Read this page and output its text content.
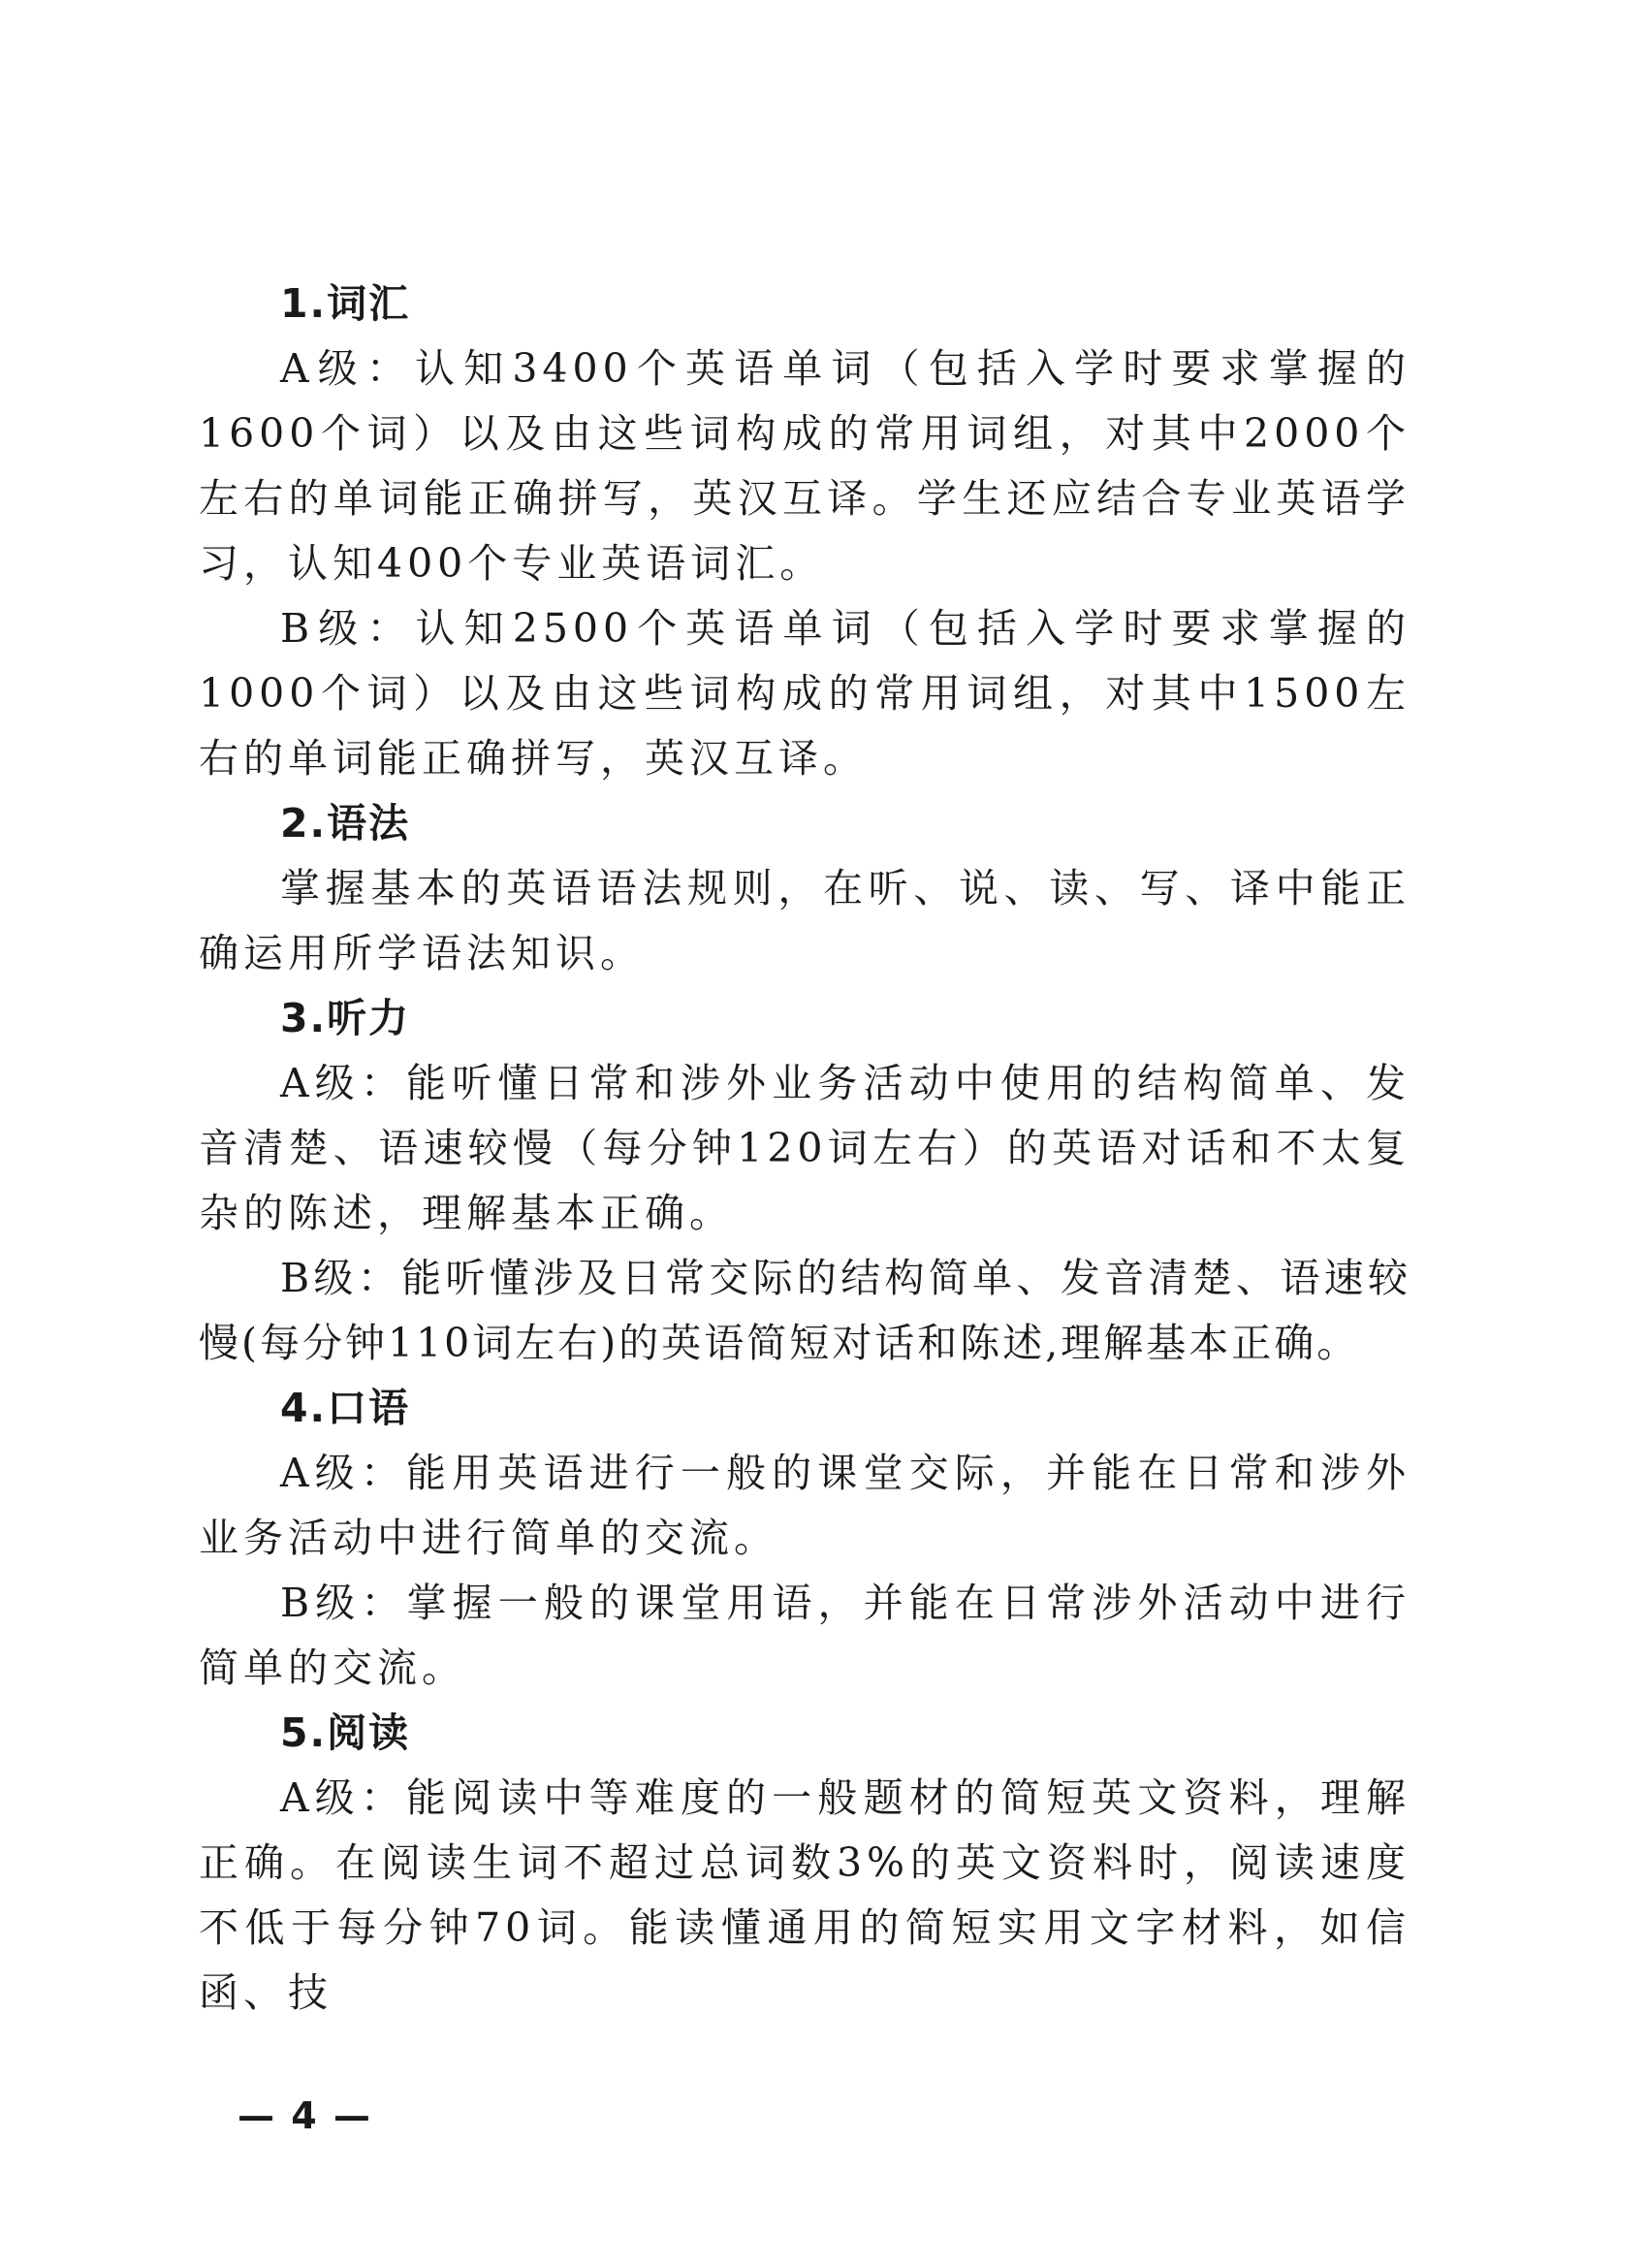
1.词汇

A级：认知3400个英语单词（包括入学时要求掌握的1600个词）以及由这些词构成的常用词组，对其中2000个左右的单词能正确拼写，英汉互译。学生还应结合专业英语学习，认知400个专业英语词汇。

B级：认知2500个英语单词（包括入学时要求掌握的1000个词）以及由这些词构成的常用词组，对其中1500左右的单词能正确拼写，英汉互译。

2.语法

掌握基本的英语语法规则，在听、说、读、写、译中能正确运用所学语法知识。

3.听力

A级：能听懂日常和涉外业务活动中使用的结构简单、发音清楚、语速较慢（每分钟120词左右）的英语对话和不太复杂的陈述，理解基本正确。

B级：能听懂涉及日常交际的结构简单、发音清楚、语速较慢(每分钟110词左右)的英语简短对话和陈述,理解基本正确。

4.口语

A级：能用英语进行一般的课堂交际，并能在日常和涉外业务活动中进行简单的交流。

B级：掌握一般的课堂用语，并能在日常涉外活动中进行简单的交流。

5.阅读

A级：能阅读中等难度的一般题材的简短英文资料，理解正确。在阅读生词不超过总词数3%的英文资料时，阅读速度不低于每分钟70词。能读懂通用的简短实用文字材料，如信函、技

— 4 —
